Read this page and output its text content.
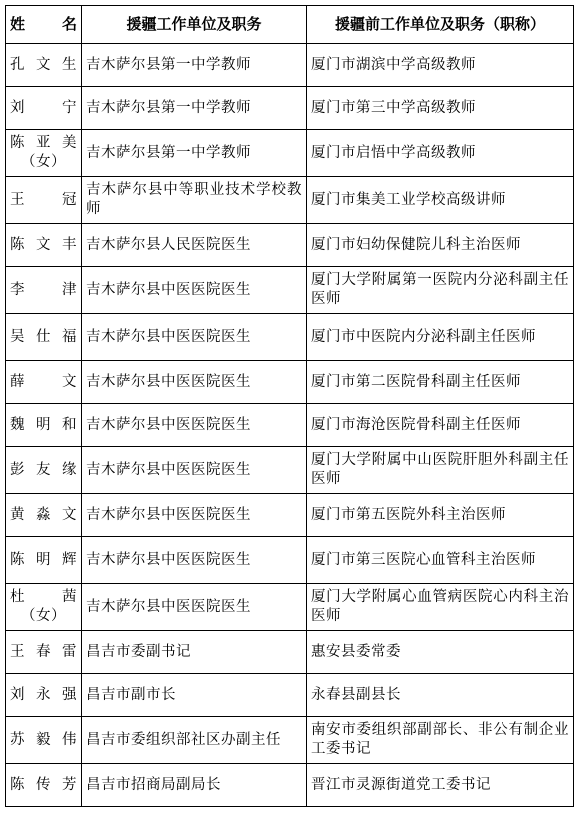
姓　名	援疆工作单位及职务	援疆前工作单位及职务（职称）

孔文生	吉木萨尔县第一中学教师	厦门市湖滨中学高级教师

刘　宁	吉木萨尔县第一中学教师	厦门市第三中学高级教师

陈亚美
（女）	吉木萨尔县第一中学教师	厦门市启悟中学高级教师

王　冠	吉木萨尔县中等职业技术学校教师	厦门市集美工业学校高级讲师

陈文丰	吉木萨尔县人民医院医生	厦门市妇幼保健院儿科主治医师

李　津	吉木萨尔县中医医院医生	厦门大学附属第一医院内分泌科副主任医师

吴仕福	吉木萨尔县中医医院医生	厦门市中医院内分泌科副主任医师

薛　文	吉木萨尔县中医医院医生	厦门市第二医院骨科副主任医师

魏明和	吉木萨尔县中医医院医生	厦门市海沧医院骨科副主任医师

彭友缘	吉木萨尔县中医医院医生	厦门大学附属中山医院肝胆外科副主任医师

黄淼文	吉木萨尔县中医医院医生	厦门市第五医院外科主治医师

陈明辉	吉木萨尔县中医医院医生	厦门市第三医院心血管科主治医师

杜　茜
（女）	吉木萨尔县中医医院医生	厦门大学附属心血管病医院心内科主治医师

王春雷	昌吉市委副书记	惠安县委常委

刘永强	昌吉市副市长	永春县副县长

苏毅伟	昌吉市委组织部社区办副主任	南安市委组织部副部长、非公有制企业工委书记

陈传芳	昌吉市招商局副局长	晋江市灵源街道党工委书记
